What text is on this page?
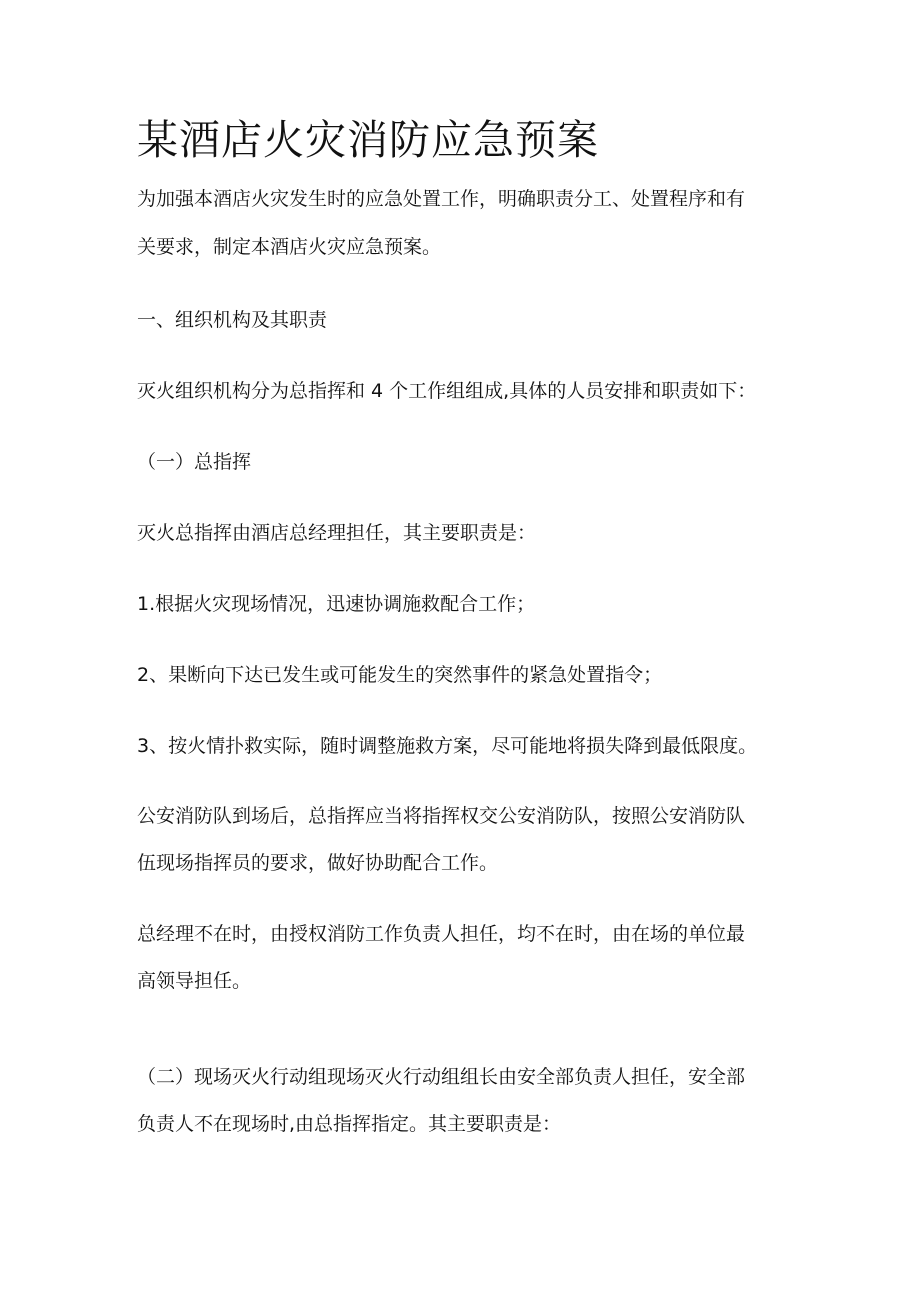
某酒店火灾消防应急预案

为加强本酒店火灾发生时的应急处置工作，明确职责分工、处置程序和有

关要求，制定本酒店火灾应急预案。

一、组织机构及其职责

灭火组织机构分为总指挥和 4 个工作组组成,具体的人员安排和职责如下：

（一）总指挥

灭火总指挥由酒店总经理担任，其主要职责是：

1.根据火灾现场情况，迅速协调施救配合工作；

2、果断向下达已发生或可能发生的突然事件的紧急处置指令；

3、按火情扑救实际，随时调整施救方案，尽可能地将损失降到最低限度。

公安消防队到场后，总指挥应当将指挥权交公安消防队，按照公安消防队

伍现场指挥员的要求，做好协助配合工作。

总经理不在时，由授权消防工作负责人担任，均不在时，由在场的单位最

高领导担任。

（二）现场灭火行动组现场灭火行动组组长由安全部负责人担任，安全部

负责人不在现场时,由总指挥指定。其主要职责是：
